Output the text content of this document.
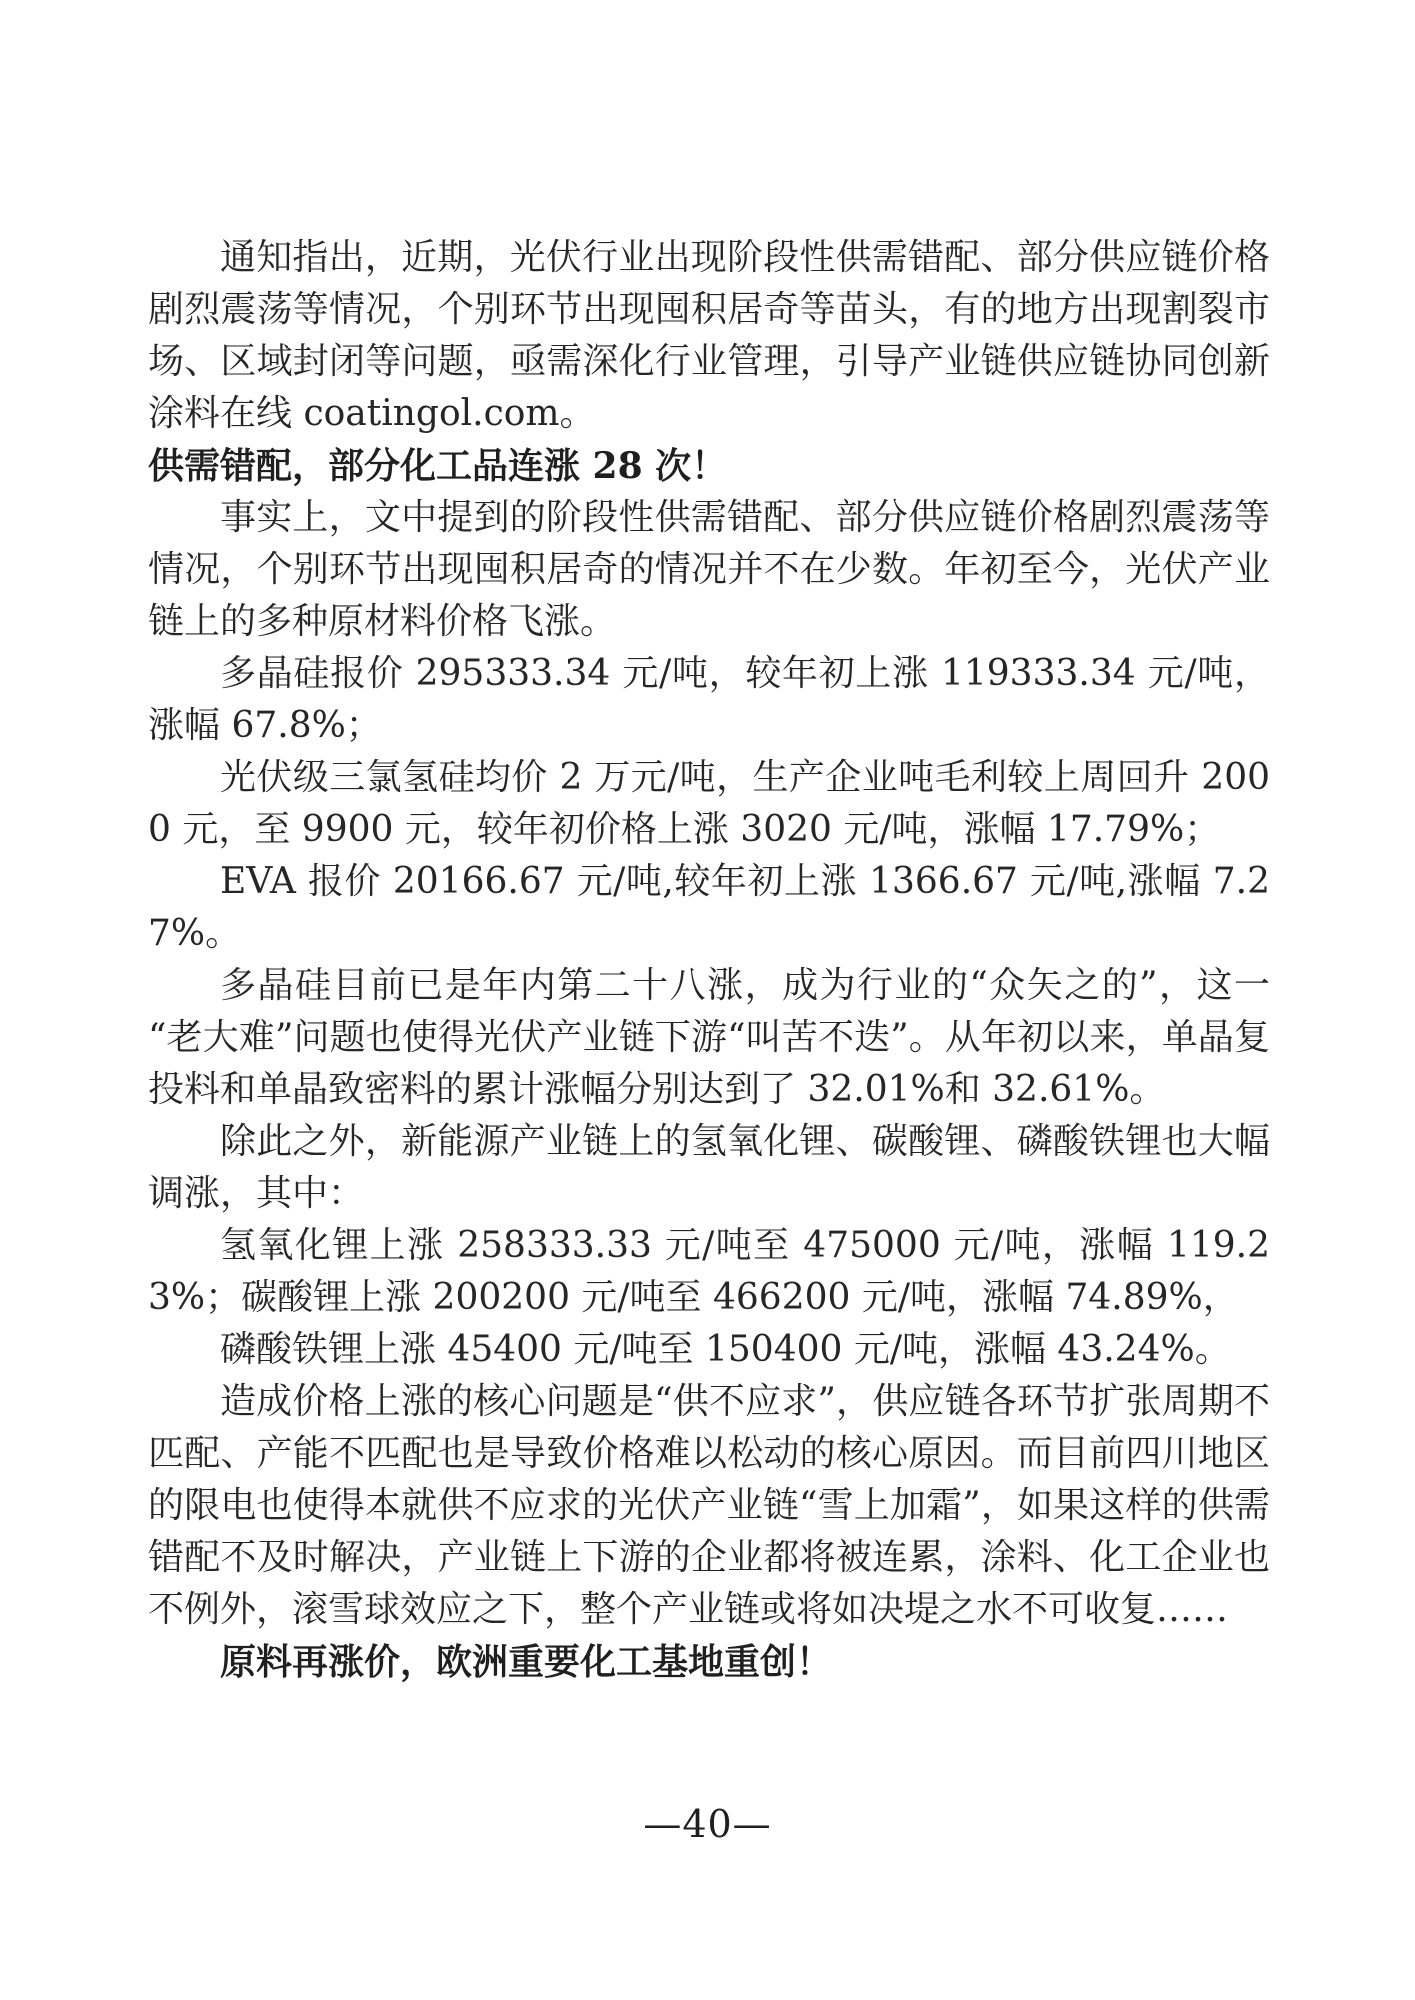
通知指出，近期，光伏行业出现阶段性供需错配、部分供应链价格剧烈震荡等情况，个别环节出现囤积居奇等苗头，有的地方出现割裂市场、区域封闭等问题，亟需深化行业管理，引导产业链供应链协同创新涂料在线 coatingol.com。

供需错配，部分化工品连涨 28 次！

事实上，文中提到的阶段性供需错配、部分供应链价格剧烈震荡等情况，个别环节出现囤积居奇的情况并不在少数。年初至今，光伏产业链上的多种原材料价格飞涨。

多晶硅报价 295333.34 元/吨，较年初上涨 119333.34 元/吨，涨幅 67.8%；

光伏级三氯氢硅均价 2 万元/吨，生产企业吨毛利较上周回升 2000 元，至 9900 元，较年初价格上涨 3020 元/吨，涨幅 17.79%；

EVA 报价 20166.67 元/吨,较年初上涨 1366.67 元/吨,涨幅 7.27%。

多晶硅目前已是年内第二十八涨，成为行业的“众矢之的”，这一“老大难”问题也使得光伏产业链下游“叫苦不迭”。从年初以来，单晶复投料和单晶致密料的累计涨幅分别达到了 32.01%和 32.61%。

除此之外，新能源产业链上的氢氧化锂、碳酸锂、磷酸铁锂也大幅调涨，其中：

氢氧化锂上涨 258333.33 元/吨至 475000 元/吨，涨幅 119.23%；碳酸锂上涨 200200 元/吨至 466200 元/吨，涨幅 74.89%，

磷酸铁锂上涨 45400 元/吨至 150400 元/吨，涨幅 43.24%。

造成价格上涨的核心问题是“供不应求”，供应链各环节扩张周期不匹配、产能不匹配也是导致价格难以松动的核心原因。而目前四川地区的限电也使得本就供不应求的光伏产业链“雪上加霜”，如果这样的供需错配不及时解决，产业链上下游的企业都将被连累，涂料、化工企业也不例外，滚雪球效应之下，整个产业链或将如决堤之水不可收复……

原料再涨价，欧洲重要化工基地重创！

—40—
